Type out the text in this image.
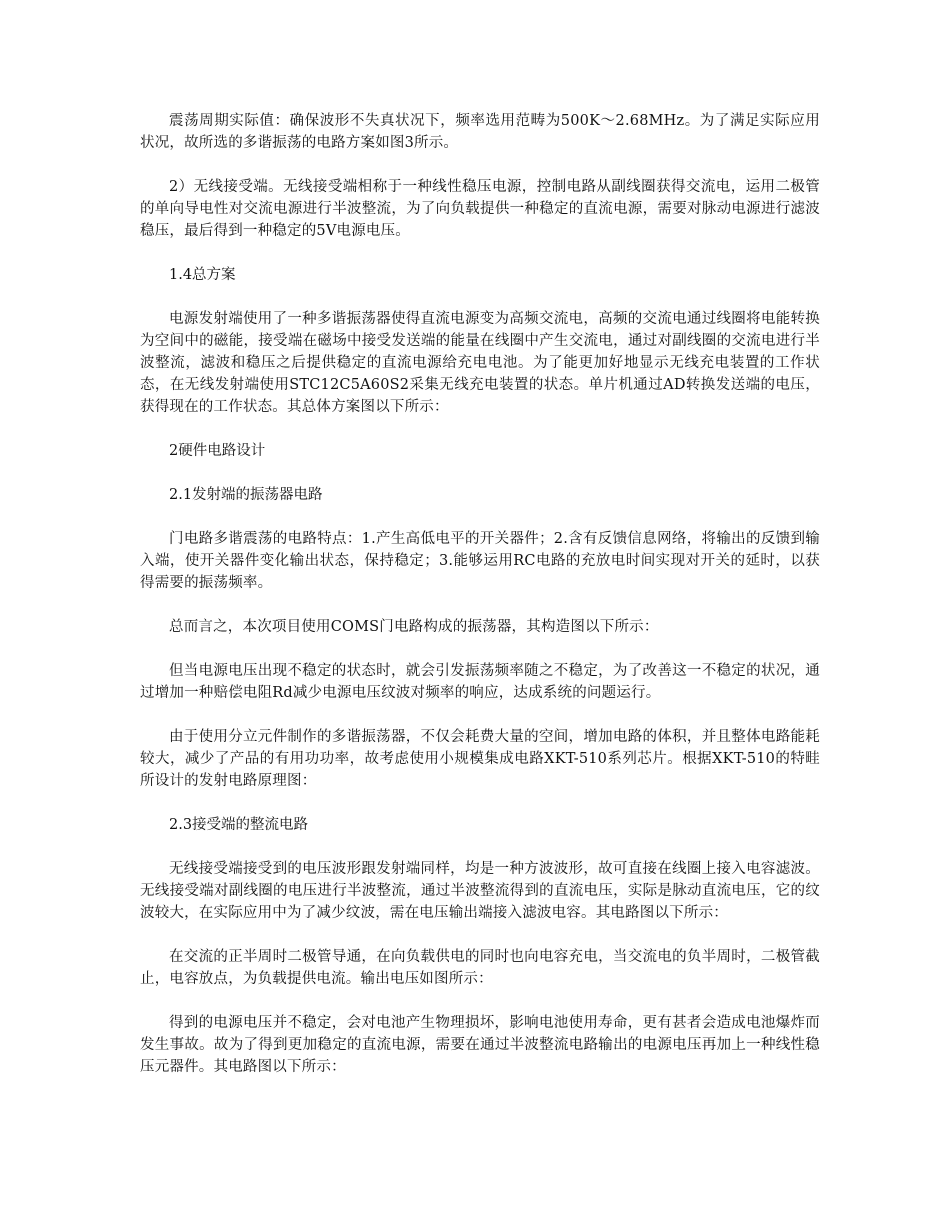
震荡周期实际值：确保波形不失真状况下，频率选用范畴为500K～2.68MHz。为了满足实际应用状况，故所选的多谐振荡的电路方案如图3所示。

2）无线接受端。无线接受端相称于一种线性稳压电源，控制电路从副线圈获得交流电，运用二极管的单向导电性对交流电源进行半波整流，为了向负载提供一种稳定的直流电源，需要对脉动电源进行滤波稳压，最后得到一种稳定的5V电源电压。

1.4总方案

电源发射端使用了一种多谐振荡器使得直流电源变为高频交流电，高频的交流电通过线圈将电能转换为空间中的磁能，接受端在磁场中接受发送端的能量在线圈中产生交流电，通过对副线圈的交流电进行半波整流，滤波和稳压之后提供稳定的直流电源给充电电池。为了能更加好地显示无线充电装置的工作状态，在无线发射端使用STC12C5A60S2采集无线充电装置的状态。单片机通过AD转换发送端的电压，获得现在的工作状态。其总体方案图以下所示：

2硬件电路设计

2.1发射端的振荡器电路

门电路多谐震荡的电路特点：1.产生高低电平的开关器件；2.含有反馈信息网络，将输出的反馈到输入端，使开关器件变化输出状态，保持稳定；3.能够运用RC电路的充放电时间实现对开关的延时，以获得需要的振荡频率。

总而言之，本次项目使用COMS门电路构成的振荡器，其构造图以下所示：

但当电源电压出现不稳定的状态时，就会引发振荡频率随之不稳定，为了改善这一不稳定的状况，通过增加一种赔偿电阻Rd减少电源电压纹波对频率的响应，达成系统的问题运行。

由于使用分立元件制作的多谐振荡器，不仅会耗费大量的空间，增加电路的体积，并且整体电路能耗较大，减少了产品的有用功功率，故考虑使用小规模集成电路XKT-510系列芯片。根据XKT-510的特畦所设计的发射电路原理图：

2.3接受端的整流电路

无线接受端接受到的电压波形跟发射端同样，均是一种方波波形，故可直接在线圈上接入电容滤波。无线接受端对副线圈的电压进行半波整流，通过半波整流得到的直流电压，实际是脉动直流电压，它的纹波较大，在实际应用中为了减少纹波，需在电压输出端接入滤波电容。其电路图以下所示：

在交流的正半周时二极管导通，在向负载供电的同时也向电容充电，当交流电的负半周时，二极管截止，电容放点，为负载提供电流。输出电压如图所示：

得到的电源电压并不稳定，会对电池产生物理损坏，影响电池使用寿命，更有甚者会造成电池爆炸而发生事故。故为了得到更加稳定的直流电源，需要在通过半波整流电路输出的电源电压再加上一种线性稳压元器件。其电路图以下所示：
